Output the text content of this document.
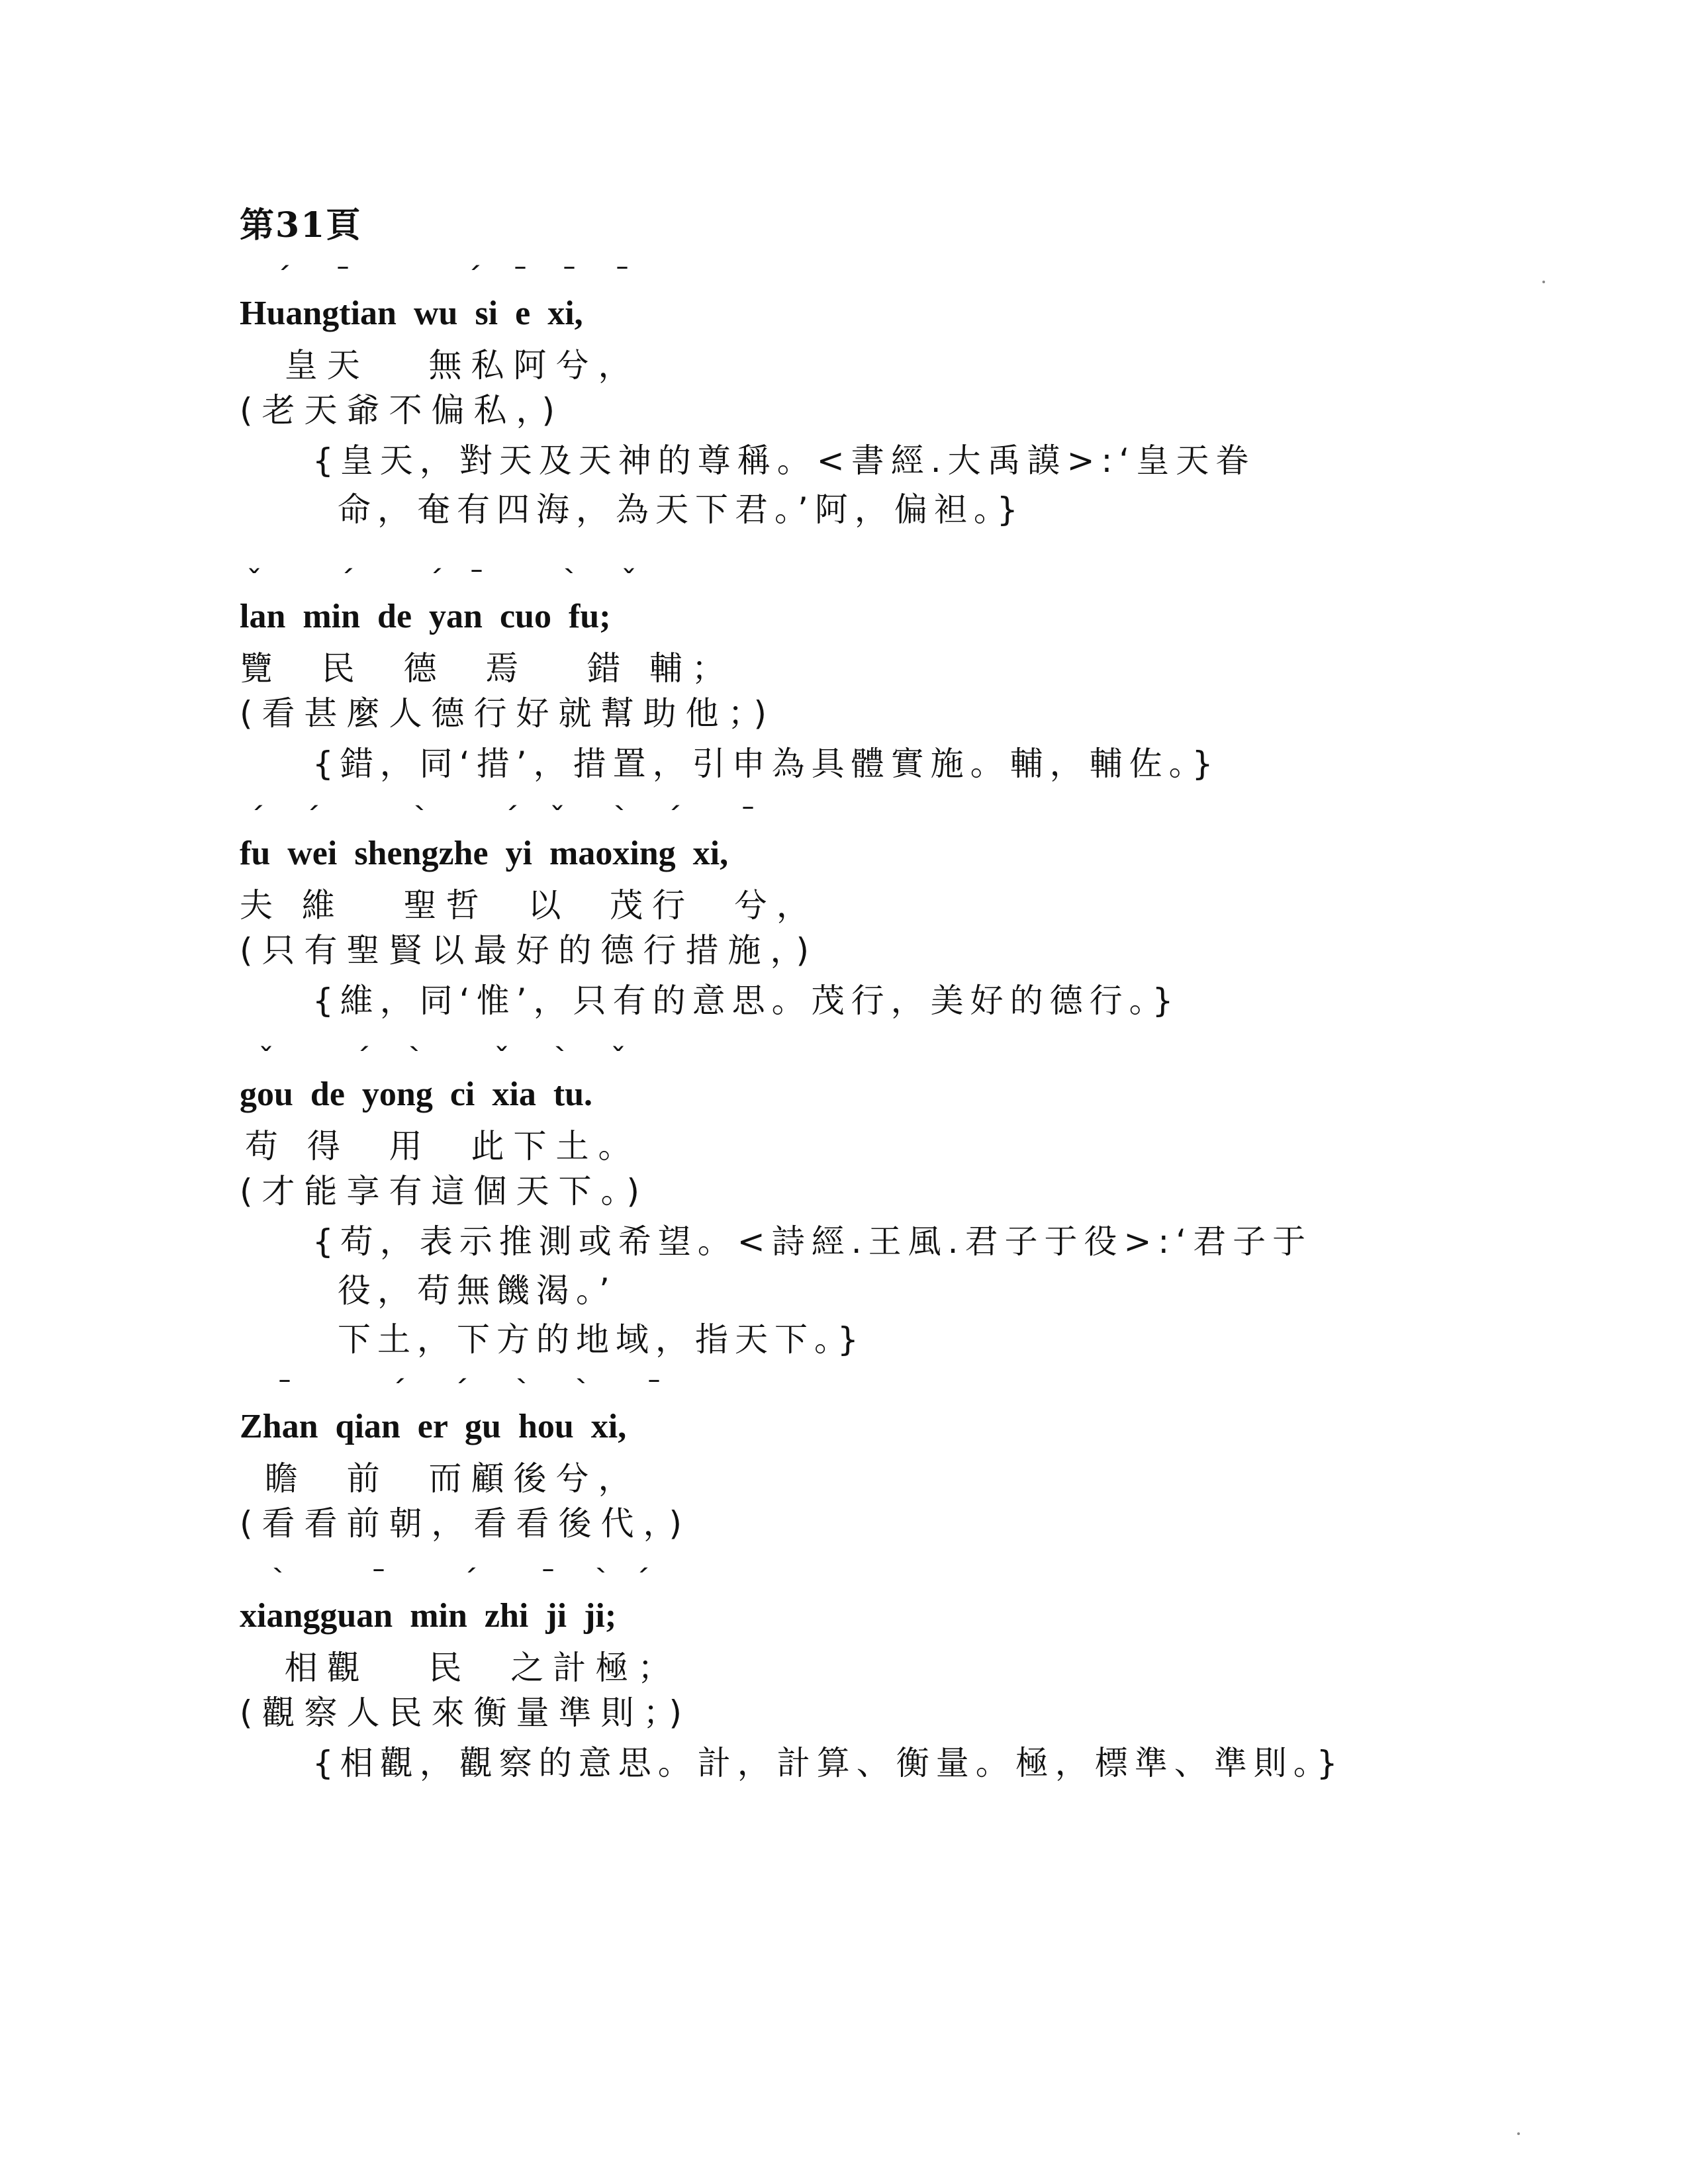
第31頁
ˊ ˉ	ˊ ˉ ˉ ˉ
Huangtian  wu  si  e  xi,
皇天   無私阿兮，
(老天爺不偏私，)
{皇天，對天及天神的尊稱。<書經.大禹謨>:‘皇天眷
命，奄有四海，為天下君。’阿，偏袒。}
ˇ	ˊ	ˊ ˉ	ˋ ˇ
lan  min  de  yan  cuo  fu;
覽  民  德  焉   錯 輔；
(看甚麼人德行好就幫助他；)
{錯，同‘措’，措置，引申為具體實施。輔，輔佐。}
ˊ ˊ	ˋ	ˊ ˇ ˋ ˊ ˉ
fu  wei  shengzhe  yi  maoxing  xi,
夫 維   聖哲  以  茂行  兮，
(只有聖賢以最好的德行措施，)
{維，同‘惟’，只有的意思。茂行，美好的德行。}
ˇ	ˊ ˋ	ˇ ˋ ˇ
gou  de  yong  ci  xia  tu.
苟 得  用  此下土。
(才能享有這個天下。)
{苟，表示推測或希望。<詩經.王風.君子于役>:‘君子于
役，苟無饑渴。’
下土，下方的地域，指天下。}
ˉ	ˊ ˊ ˋ ˋ ˉ
Zhan  qian  er  gu  hou  xi,
瞻  前  而顧後兮，
(看看前朝，看看後代，)
ˋ	ˉ	ˊ ˉ ˋ ˊ
xiangguan  min  zhi  ji  ji;
相觀   民  之計極；
(觀察人民來衡量準則；)
{相觀，觀察的意思。計，計算、衡量。極，標準、準則。}
